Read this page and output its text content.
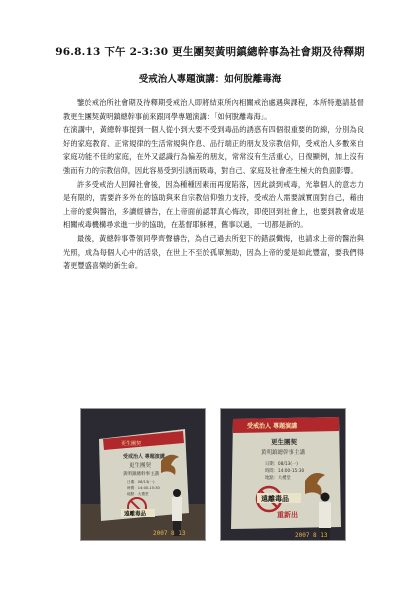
96.8.13 下午 2-3:30 更生團契黃明鎮總幹事為社會期及待釋期
受戒治人專題演講：如何脫離毒海

鑒於戒治所社會期及待釋期受戒治人即將結束所內相關戒治處遇與課程，本所特邀請基督教更生團契黃明鎮總幹事前來跟同學專題演講：「如何脫離毒海」。

在演講中，黃總幹事提到一個人從小到大要不受到毒品的誘惑有四個很重要的防線，分別為良好的家庭教育、正常規律的生活常規與作息、品行端正的朋友及宗教信仰，受戒治人多數來自家庭功能不佳的家庭，在外又認識行為偏差的朋友，常常沒有生活重心，日復顯例，加上沒有強而有力的宗教信仰，因此容易受到引誘而吸毒，對自己、家庭及社會產生極大的負面影響。

許多受戒治人回歸社會後，因為種種因素而再度陷落，因此談到戒毒，光靠個人的意志力是有限的，需要許多外在的協助與來自宗教信仰強力支持，受戒治人需要誠實面對自己，藉由上帝的愛與醫治，多讀經禱告，在上帝面前認罪真心悔改，即使回到社會上，也要到教會或是相關戒毒機構尋求進一步的協助，在基督耶穌裡，舊事以過，一切都是新的。

最後，黃總幹事帶領同學齊聲禱告，為自己過去所犯下的錯誤懺悔，也請求上帝的醫治與光照，成為每個人心中的活泉，在世上不至於孤單無助，因為上帝的愛是如此豐富，要我們得著更豐盛喜樂的新生命。

更生團契
受戒治人 專題演講
更生團契
黃明鎮總幹事主講
日期：08/13(一)
時間：14:00-15:30
地點：大禮堂
遠離毒品
2007 8 13
受戒治人 專題演講
更生團契
黃明鎮總幹事主講
日期：08/13(一)
時間：14:00-15:30
地點：大禮堂
遠離毒品
重新出
2007 8 13
